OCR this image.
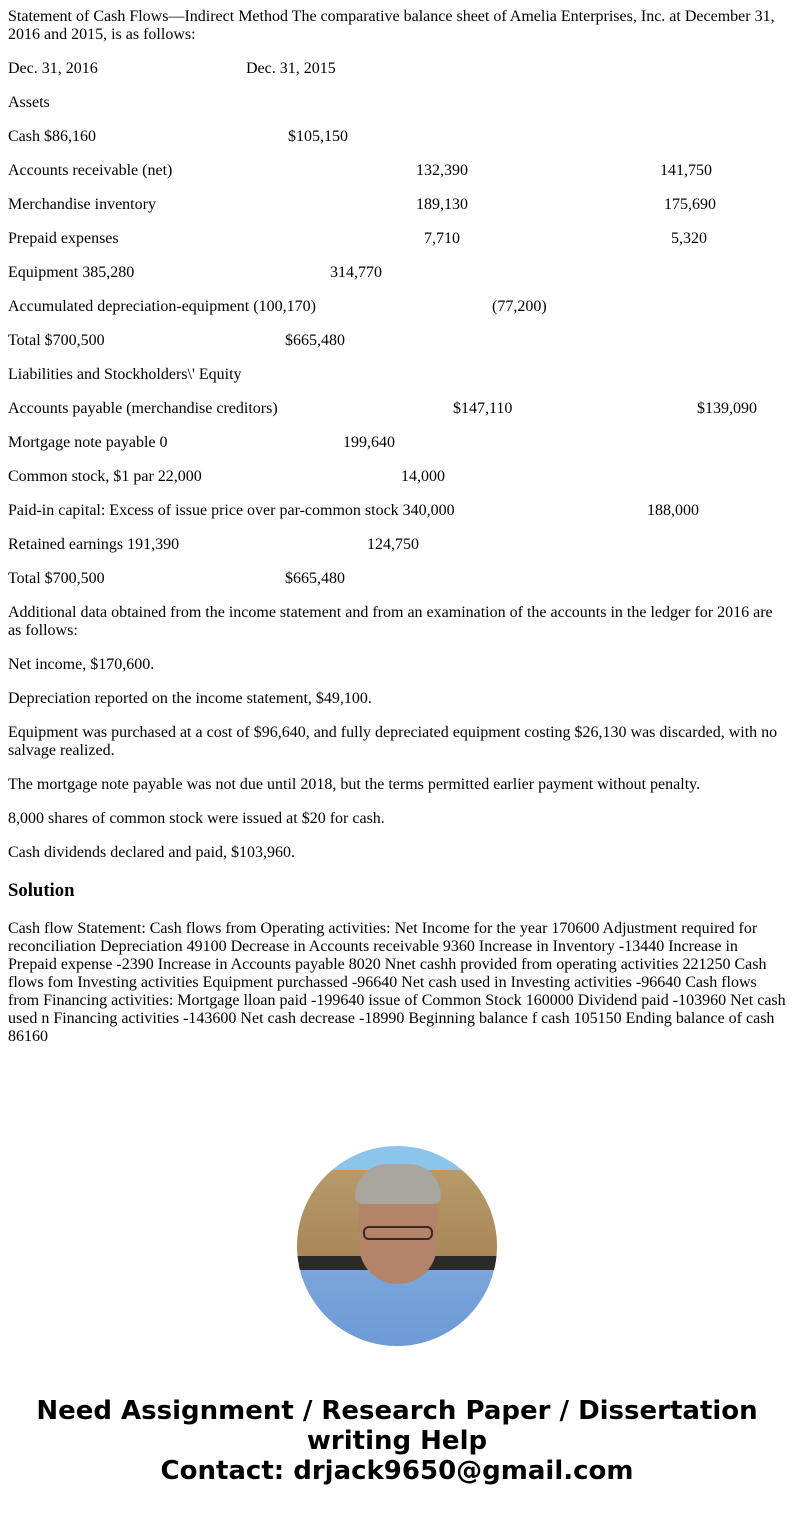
Statement of Cash Flows—Indirect Method The comparative balance sheet of Amelia Enterprises, Inc. at December 31, 2016 and 2015, is as follows:

Dec. 31, 2016	Dec. 31, 2015

Assets

Cash $86,160	$105,150

Accounts receivable (net)	132,390	141,750

Merchandise inventory	189,130	175,690

Prepaid expenses	7,710	5,320

Equipment 385,280	314,770

Accumulated depreciation-equipment (100,170)	(77,200)

Total $700,500	$665,480

Liabilities and Stockholders\' Equity

Accounts payable (merchandise creditors)	$147,110	$139,090

Mortgage note payable 0	199,640

Common stock, $1 par 22,000	14,000

Paid-in capital: Excess of issue price over par-common stock 340,000	188,000

Retained earnings 191,390	124,750

Total $700,500	$665,480

Additional data obtained from the income statement and from an examination of the accounts in the ledger for 2016 are as follows:

Net income, $170,600.

Depreciation reported on the income statement, $49,100.

Equipment was purchased at a cost of $96,640, and fully depreciated equipment costing $26,130 was discarded, with no salvage realized.

The mortgage note payable was not due until 2018, but the terms permitted earlier payment without penalty.

8,000 shares of common stock were issued at $20 for cash.

Cash dividends declared and paid, $103,960.

Solution

Cash flow Statement: Cash flows from Operating activities: Net Income for the year 170600 Adjustment required for reconciliation Depreciation 49100 Decrease in Accounts receivable 9360 Increase in Inventory -13440 Increase in Prepaid expense -2390 Increase in Accounts payable 8020 Nnet cashh provided from operating activities 221250 Cash flows fom Investing activities Equipment purchassed -96640 Net cash used in Investing activities -96640 Cash flows from Financing activities: Mortgage lloan paid -199640 issue of Common Stock 160000 Dividend paid -103960 Net cash used n Financing activities -143600 Net cash decrease -18990 Beginning balance f cash 105150 Ending balance of cash 86160

Need Assignment / Research Paper / Dissertation writing Help
Contact: drjack9650@gmail.com
